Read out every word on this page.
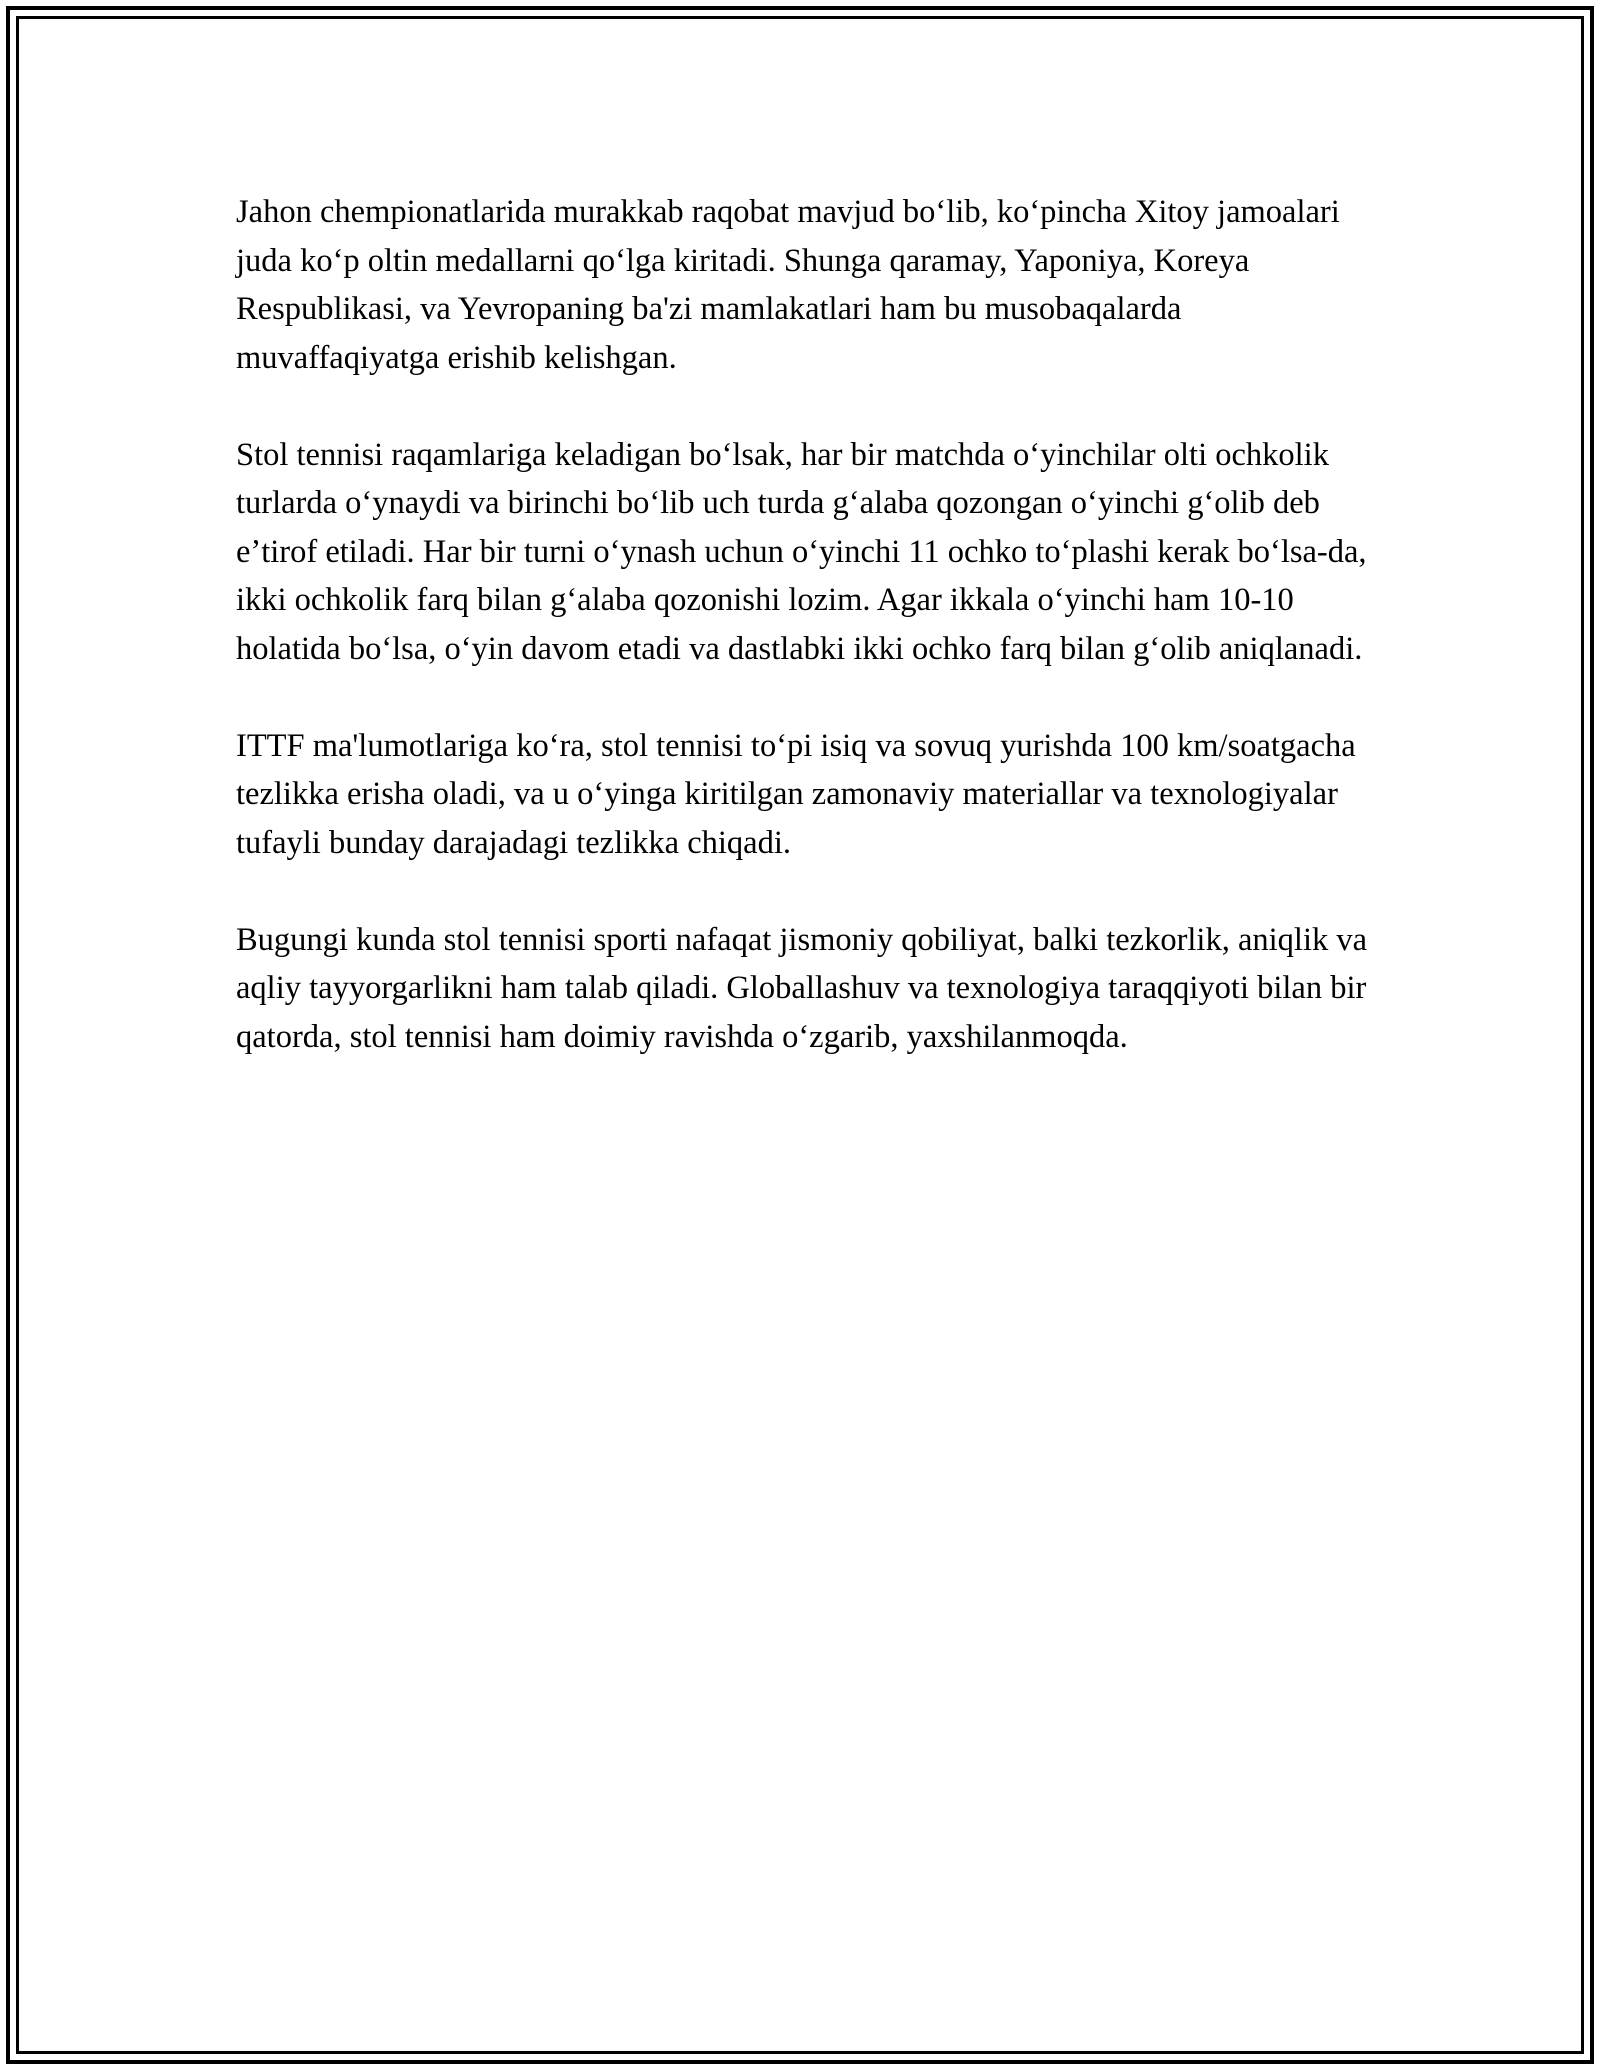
Jahon chempionatlarida murakkab raqobat mavjud boʻlib, koʻpincha Xitoy jamoalari juda koʻp oltin medallarni qoʻlga kiritadi. Shunga qaramay, Yaponiya, Koreya Respublikasi, va Yevropaning ba'zi mamlakatlari ham bu musobaqalarda muvaffaqiyatga erishib kelishgan.

Stol tennisi raqamlariga keladigan boʻlsak, har bir matchda oʻyinchilar olti ochkolik turlarda oʻynaydi va birinchi boʻlib uch turda gʻalaba qozongan oʻyinchi gʻolib deb eʼtirof etiladi. Har bir turni oʻynash uchun oʻyinchi 11 ochko toʻplashi kerak boʻlsa-da, ikki ochkolik farq bilan gʻalaba qozonishi lozim. Agar ikkala oʻyinchi ham 10-10 holatida boʻlsa, oʻyin davom etadi va dastlabki ikki ochko farq bilan gʻolib aniqlanadi.

ITTF ma'lumotlariga koʻra, stol tennisi toʻpi isiq va sovuq yurishda 100 km/soatgacha tezlikka erisha oladi, va u oʻyinga kiritilgan zamonaviy materiallar va texnologiyalar tufayli bunday darajadagi tezlikka chiqadi.

Bugungi kunda stol tennisi sporti nafaqat jismoniy qobiliyat, balki tezkorlik, aniqlik va aqliy tayyorgarlikni ham talab qiladi. Globallashuv va texnologiya taraqqiyoti bilan bir qatorda, stol tennisi ham doimiy ravishda oʻzgarib, yaxshilanmoqda.
